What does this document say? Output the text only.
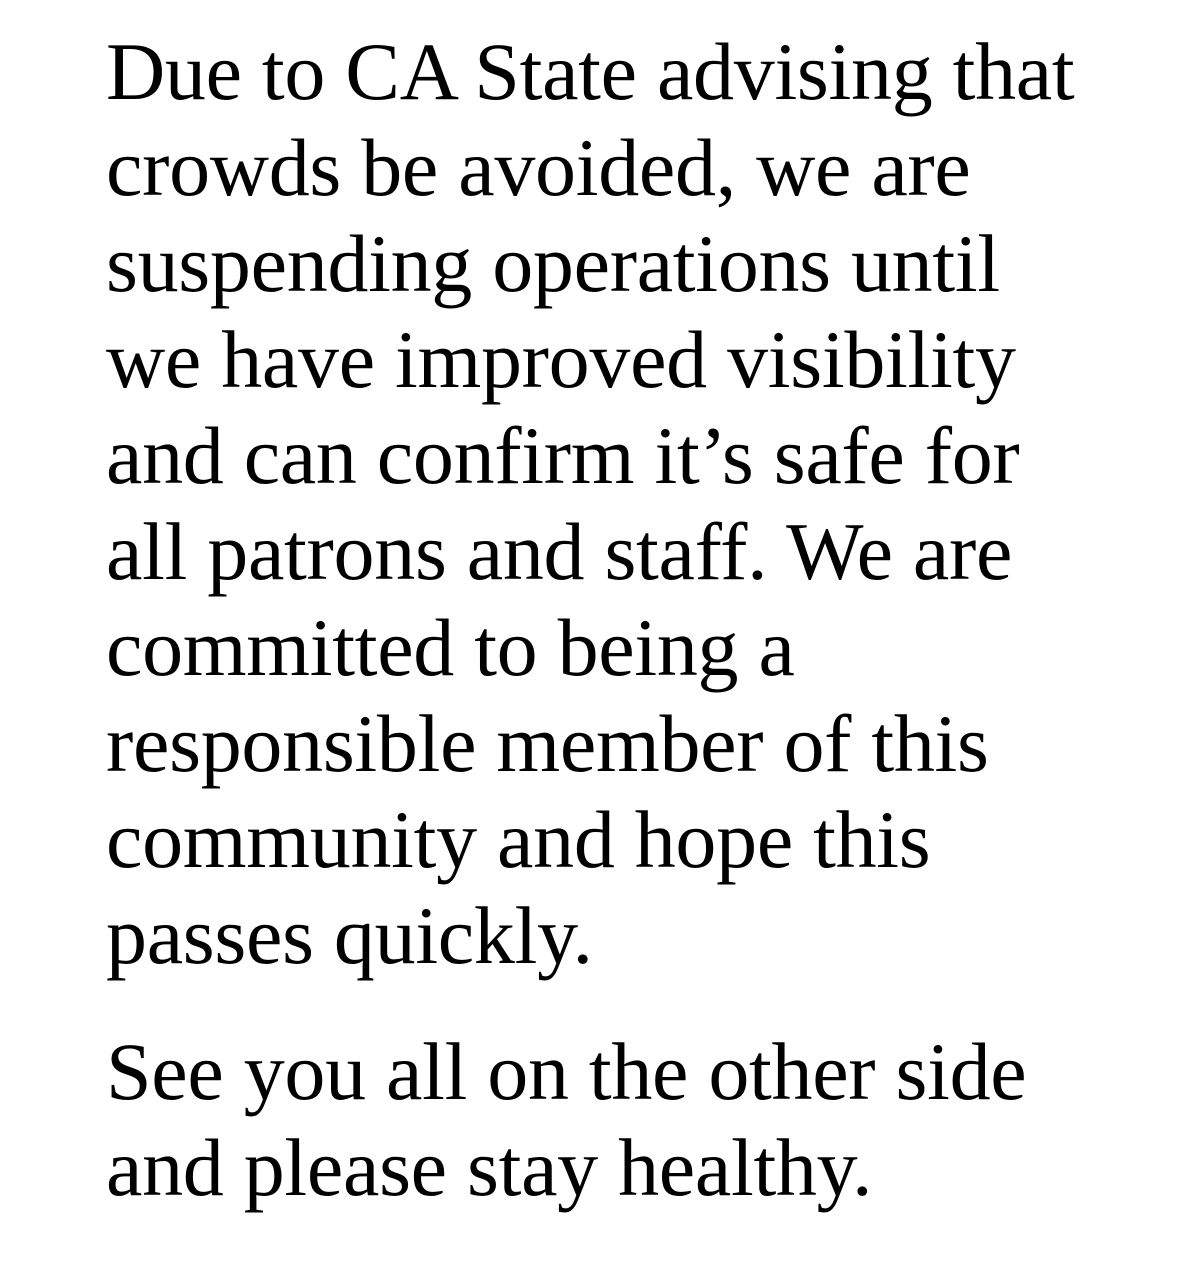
Due to CA State advising that
crowds be avoided, we are
suspending operations until
we have improved visibility
and can confirm it’s safe for
all patrons and staff. We are
committed to being a
responsible member of this
community and hope this
passes quickly.

See you all on the other side
and please stay healthy.
